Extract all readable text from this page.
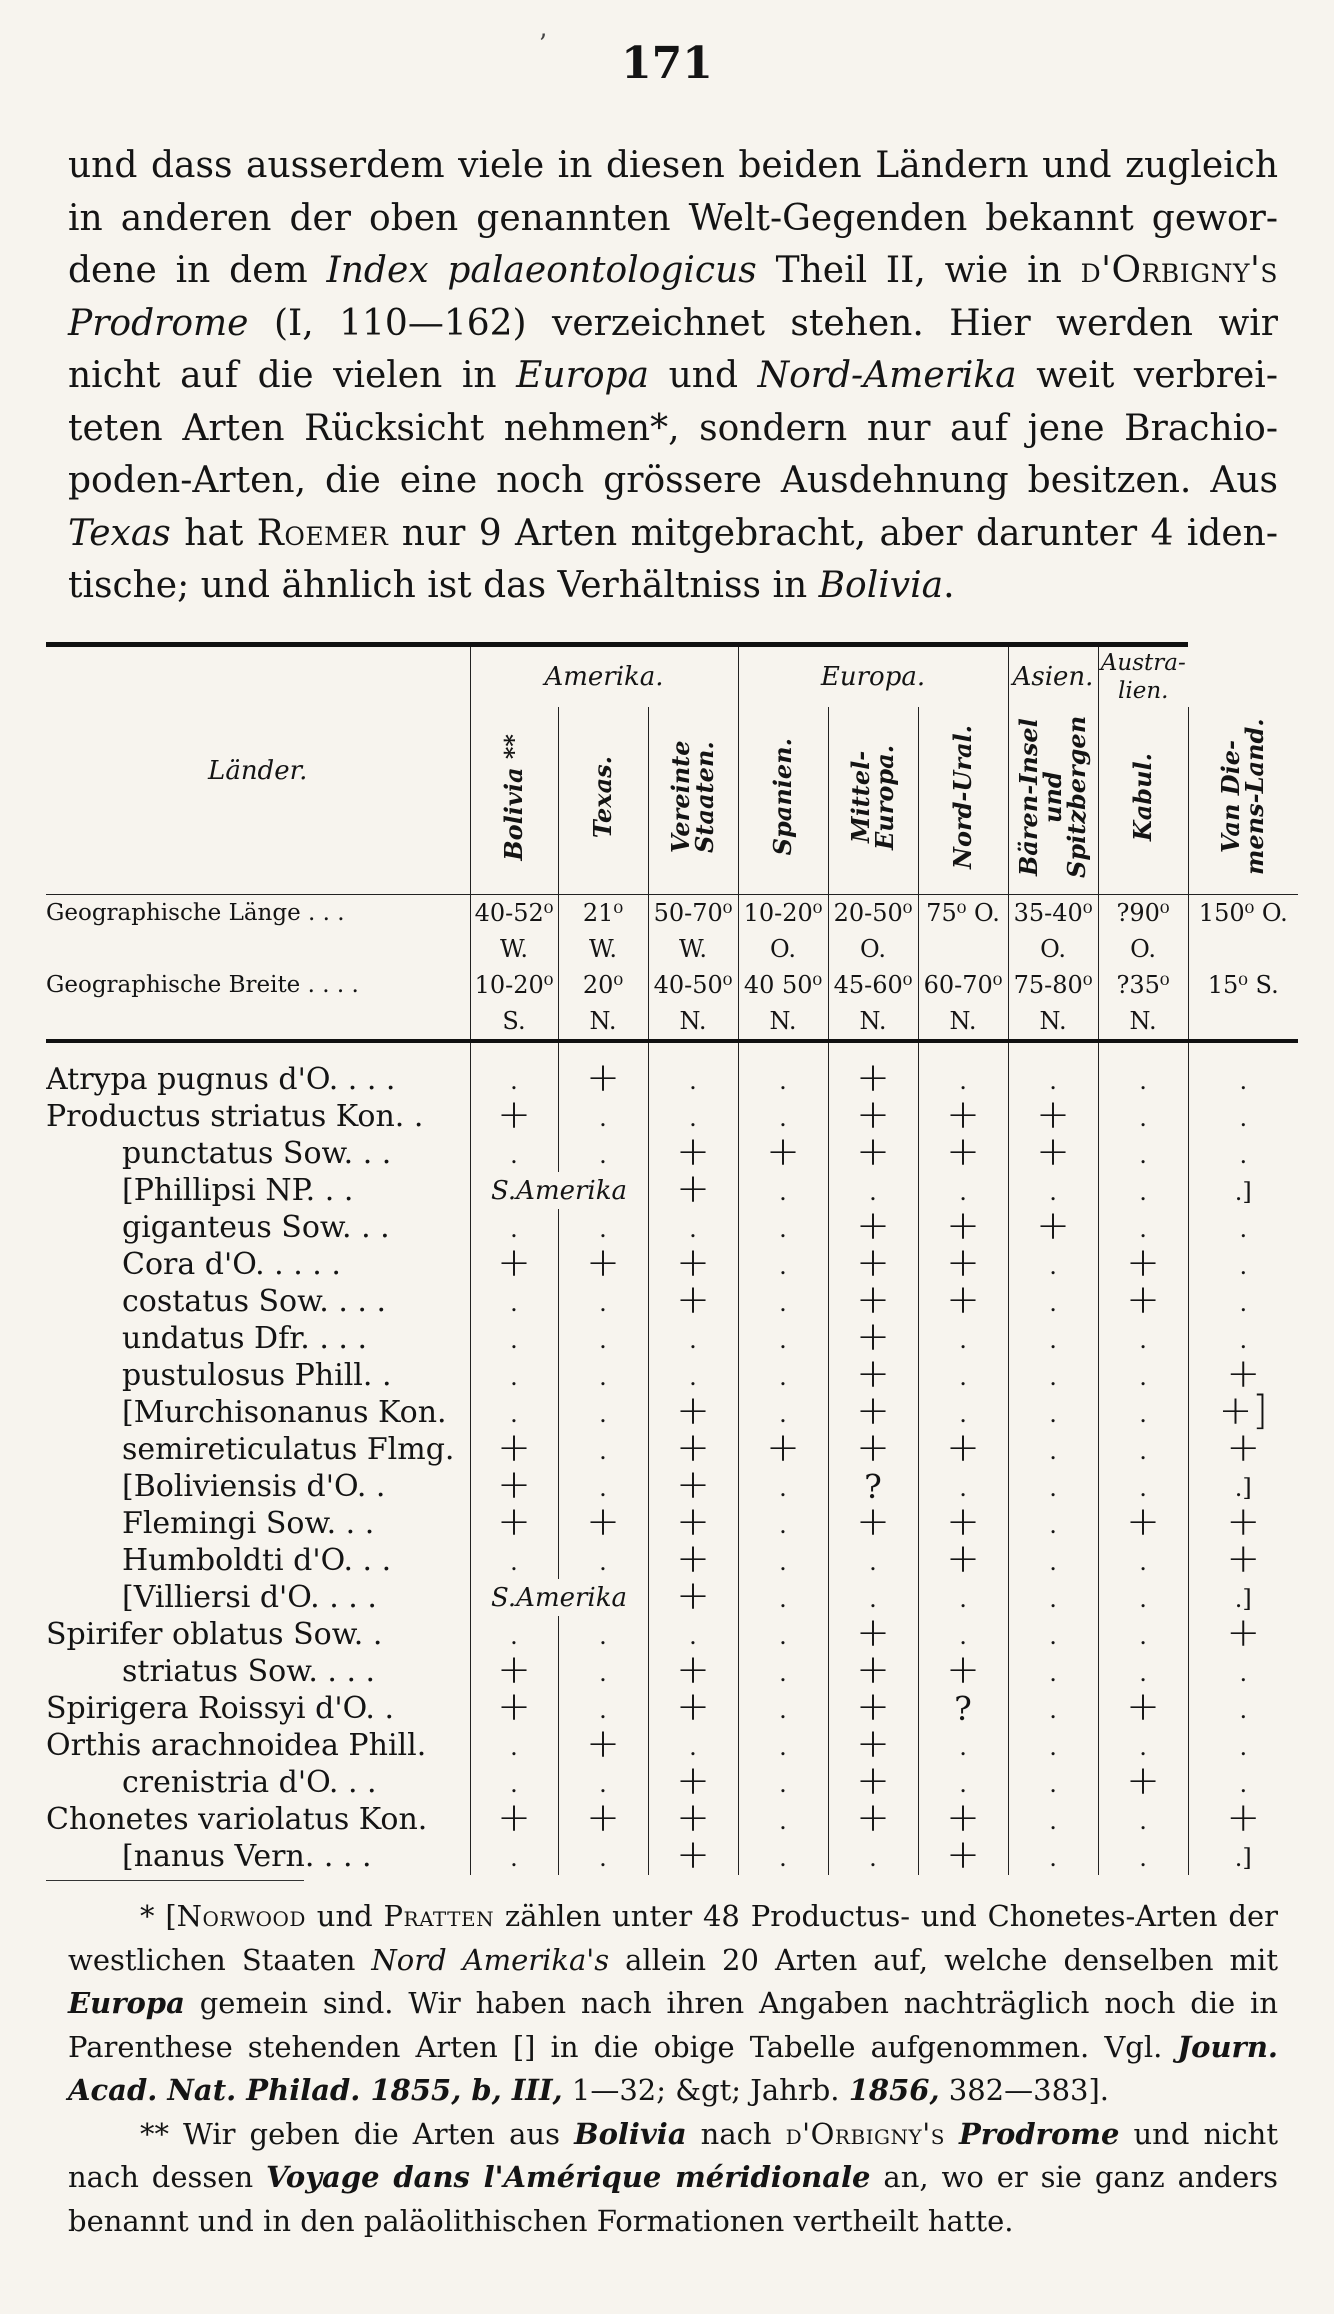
ʼ	171
und dass ausserdem viele in diesen beiden Ländern und zugleich
in anderen der oben genannten Welt-Gegenden bekannt gewor-
dene in dem Index palaeontologicus Theil II, wie in d'Orbigny's
Prodrome (I, 110—162) verzeichnet stehen. Hier werden wir
nicht auf die vielen in Europa und Nord-Amerika weit verbrei-
teten Arten Rücksicht nehmen*, sondern nur auf jene Brachio-
poden-Arten, die eine noch grössere Ausdehnung besitzen. Aus
Texas hat Roemer nur 9 Arten mitgebracht, aber darunter 4 iden-
tische; und ähnlich ist das Verhältniss in Bolivia.
Länder.	Amerika.			Europa.			Asien.	Austra-lien.	
	Bolivia **	Texas.	Vereinte Staaten.	Spanien.	Mittel-Europa.	Nord-Ural.	Bären-Insel und Spitzbergen	Kabul.	Van Die-mens-Land.
Geographische Länge . . .	40-52⁰	21⁰	50-70⁰	10-20⁰	20-50⁰	75⁰ O.	35-40⁰	?90⁰	150⁰ O.
	W.	W.	W.	O.	O.		O.	O.	
Geographische Breite . . . .	10-20⁰	20⁰	40-50⁰	40 50⁰	45-60⁰	60-70⁰	75-80⁰	?35⁰	15⁰ S.
	S.	N.	N.	N.	N.	N.	N.	N.	

Atrypa pugnus d'O. . . .	.	+	.	.	+	.	.	.	.
Productus striatus Kon. .	+	.	.	.	+	+	+	.	.
punctatus Sow. . .	.	.	+	+	+	+	+	.	.
[Phillipsi NP. . .	S.Amerika		+	.	.	.	.	.	.]
giganteus Sow. . .	.	.	.	.	+	+	+	.	.
Cora d'O. . . . .	+	+	+	.	+	+	.	+	.
costatus Sow. . . .	.	.	+	.	+	+	.	+	.
undatus Dfr. . . .	.	.	.	.	+	.	.	.	.
pustulosus Phill. .	.	.	.	.	+	.	.	.	+
[Murchisonanus Kon.	.	.	+	.	+	.	.	.	+]
semireticulatus Flmg.	+	.	+	+	+	+	.	.	+
[Boliviensis d'O. .	+	.	+	.	?	.	.	.	.]
Flemingi Sow. . .	+	+	+	.	+	+	.	+	+
Humboldti d'O. . .	.	.	+	.	.	+	.	.	+
[Villiersi d'O. . . .	S.Amerika		+	.	.	.	.	.	.]
Spirifer oblatus Sow. .	.	.	.	.	+	.	.	.	+
striatus Sow. . . .	+	.	+	.	+	+	.	.	.
Spirigera Roissyi d'O. .	+	.	+	.	+	?	.	+	.
Orthis arachnoidea Phill.	.	+	.	.	+	.	.	.	.
crenistria d'O. . .	.	.	+	.	+	.	.	+	.
Chonetes variolatus Kon.	+	+	+	.	+	+	.	.	+
[nanus Vern. . . .	.	.	+	.	.	+	.	.	.]
* [Norwood und Pratten zählen unter 48 Productus- und Chonetes-Arten der
westlichen Staaten Nord Amerika's allein 20 Arten auf, welche denselben mit
Europa gemein sind. Wir haben nach ihren Angaben nachträglich noch die in
Parenthese stehenden Arten [] in die obige Tabelle aufgenommen. Vgl. Journ.
Acad. Nat. Philad. 1855, b, III, 1—32; &gt; Jahrb. 1856, 382—383].
** Wir geben die Arten aus Bolivia nach d'Orbigny's Prodrome und nicht
nach dessen Voyage dans l'Amérique méridionale an, wo er sie ganz anders
benannt und in den paläolithischen Formationen vertheilt hatte.
